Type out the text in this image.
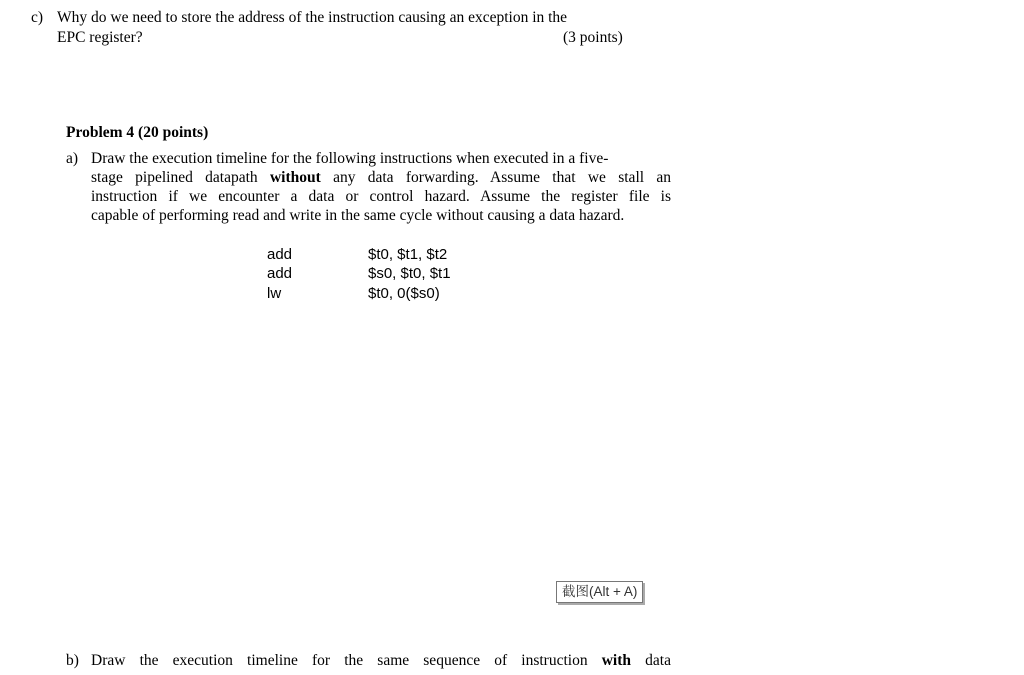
c) Why do we need to store the address of the instruction causing an exception in the
EPC register?	(3 points)
Problem 4 (20 points)
a) Draw the execution timeline for the following instructions when executed in a five-
stage pipelined datapath without any data forwarding. Assume that we stall an
instruction if we encounter a data or control hazard. Assume the register file is
capable of performing read and write in the same cycle without causing a data hazard.
add	$t0, $t1, $t2
add	$s0, $t0, $t1
lw	$t0, 0($s0)
截图(Alt + A)
b) Draw the execution timeline for the same sequence of instruction with data
